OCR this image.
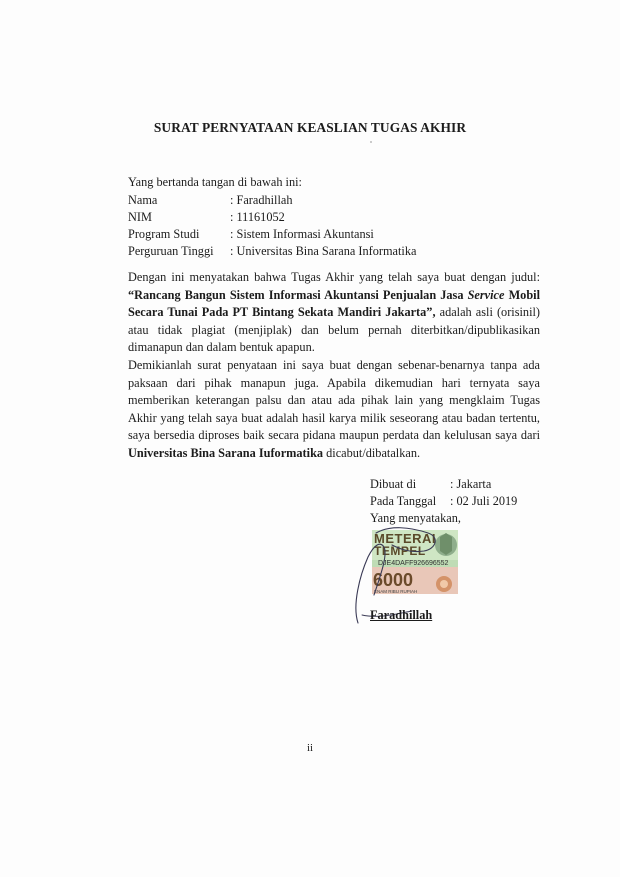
SURAT PERNYATAAN KEASLIAN TUGAS AKHIR
Yang bertanda tangan di bawah ini:
Nama	: Faradhillah
NIM	: 11161052
Program Studi : Sistem Informasi Akuntansi
Perguruan Tinggi : Universitas Bina Sarana Informatika
Dengan ini menyatakan bahwa Tugas Akhir yang telah saya buat dengan judul: “Rancang Bangun Sistem Informasi Akuntansi Penjualan Jasa Service Mobil Secara Tunai Pada PT Bintang Sekata Mandiri Jakarta”, adalah asli (orisinil) atau tidak plagiat (menjiplak) dan belum pernah diterbitkan/dipublikasikan dimanapun dan dalam bentuk apapun.
Demikianlah surat penyataan ini saya buat dengan sebenar-benarnya tanpa ada paksaan dari pihak manapun juga. Apabila dikemudian hari ternyata saya memberikan keterangan palsu dan atau ada pihak lain yang mengklaim Tugas Akhir yang telah saya buat adalah hasil karya milik seseorang atau badan tertentu, saya bersedia diproses baik secara pidana maupun perdata dan kelulusan saya dari Universitas Bina Sarana Iuformatika dicabut/dibatalkan.
Dibuat di	: Jakarta
Pada Tanggal : 02 Juli 2019
Yang menyatakan,
METERAI
TEMPEL
DJE4DAFF926696552
6000
ENAM RIBU RUPIAH
Faradhillah
ii
